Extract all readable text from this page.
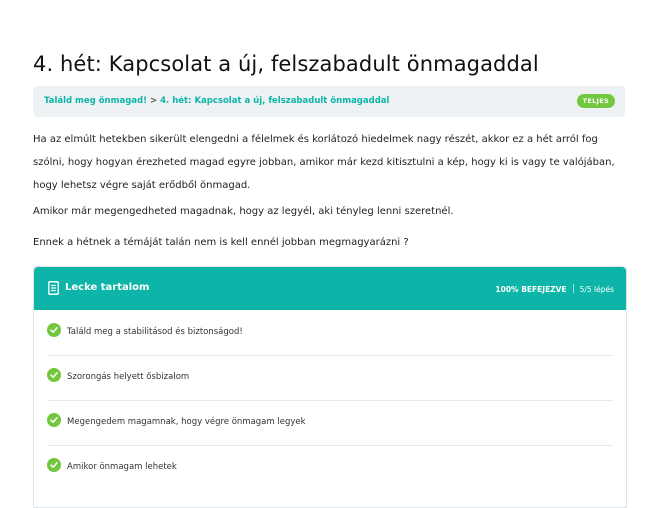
4. hét: Kapcsolat a új, felszabadult önmagaddal
Találd meg önmagad! > 4. hét: Kapcsolat a új, felszabadult önmagaddal	TELJES
Ha az elmúlt hetekben sikerült elengedni a félelmek és korlátozó hiedelmek nagy részét, akkor ez a hét arról fog szólni, hogy hogyan érezheted magad egyre jobban, amikor már kezd kitisztulni a kép, hogy ki is vagy te valójában, hogy lehetsz végre saját erődből önmagad.
Amikor már megengedheted magadnak, hogy az legyél, aki tényleg lenni szeretnél.
Ennek a hétnek a témáját talán nem is kell ennél jobban megmagyarázni ?
Lecke tartalom	100% BEFEJEZVE 5/5 lépés
Találd meg a stabilitásod és biztonságod!
Szorongás helyett ősbizalom
Megengedem magamnak, hogy végre önmagam legyek
Amikor önmagam lehetek
